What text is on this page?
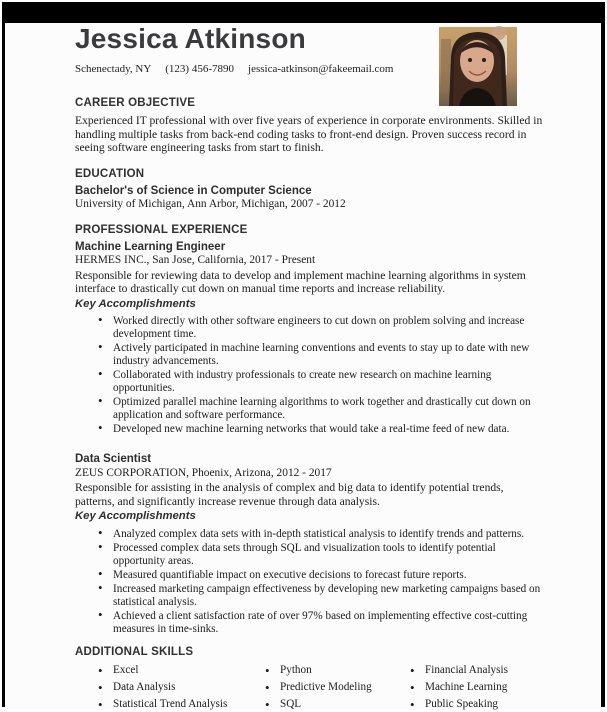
Jessica Atkinson
Schenectady, NY (123) 456-7890 jessica-atkinson@fakeemail.com
CAREER OBJECTIVE
Experienced IT professional with over five years of experience in corporate environments. Skilled in handling multiple tasks from back-end coding tasks to front-end design. Proven success record in seeing software engineering tasks from start to finish.
EDUCATION
Bachelor's of Science in Computer Science
University of Michigan, Ann Arbor, Michigan, 2007 - 2012
PROFESSIONAL EXPERIENCE
Machine Learning Engineer
HERMES INC., San Jose, California, 2017 - Present
Responsible for reviewing data to develop and implement machine learning algorithms in system interface to drastically cut down on manual time reports and increase reliability.
Key Accomplishments
• Worked directly with other software engineers to cut down on problem solving and increase development time.
• Actively participated in machine learning conventions and events to stay up to date with new industry advancements.
• Collaborated with industry professionals to create new research on machine learning opportunities.
• Optimized parallel machine learning algorithms to work together and drastically cut down on application and software performance.
• Developed new machine learning networks that would take a real-time feed of new data.
Data Scientist
ZEUS CORPORATION, Phoenix, Arizona, 2012 - 2017
Responsible for assisting in the analysis of complex and big data to identify potential trends, patterns, and significantly increase revenue through data analysis.
Key Accomplishments
• Analyzed complex data sets with in-depth statistical analysis to identify trends and patterns.
• Processed complex data sets through SQL and visualization tools to identify potential opportunity areas.
• Measured quantifiable impact on executive decisions to forecast future reports.
• Increased marketing campaign effectiveness by developing new marketing campaigns based on statistical analysis.
• Achieved a client satisfaction rate of over 97% based on implementing effective cost-cutting measures in time-sinks.
ADDITIONAL SKILLS
• Excel
• Data Analysis
• Statistical Trend Analysis
• Python
• Predictive Modeling
• SQL
• Financial Analysis
• Machine Learning
• Public Speaking
